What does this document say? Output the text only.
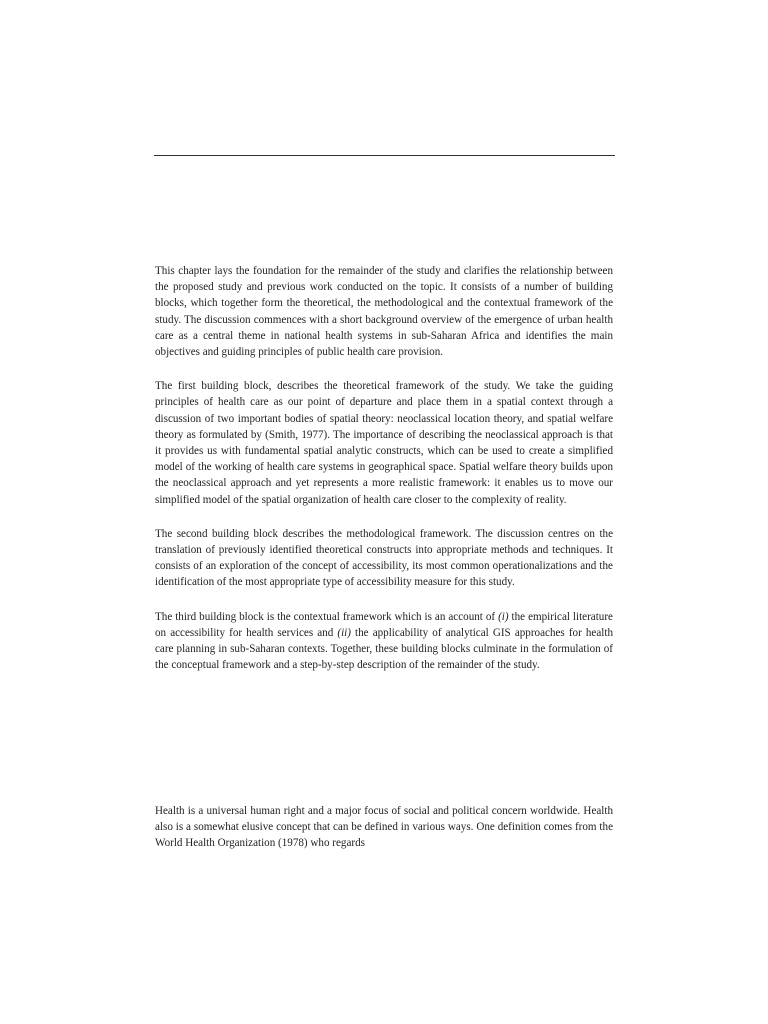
This chapter lays the foundation for the remainder of the study and clarifies the relationship between the proposed study and previous work conducted on the topic. It consists of a number of building blocks, which together form the theoretical, the methodological and the contextual framework of the study. The discussion commences with a short background overview of the emergence of urban health care as a central theme in national health systems in sub-Saharan Africa and identifies the main objectives and guiding principles of public health care provision.

The first building block, describes the theoretical framework of the study. We take the guiding principles of health care as our point of departure and place them in a spatial context through a discussion of two important bodies of spatial theory: neoclassical location theory, and spatial welfare theory as formulated by (Smith, 1977). The importance of describing the neoclassical approach is that it provides us with fundamental spatial analytic constructs, which can be used to create a simplified model of the working of health care systems in geographical space. Spatial welfare theory builds upon the neoclassical approach and yet represents a more realistic framework: it enables us to move our simplified model of the spatial organization of health care closer to the complexity of reality.

The second building block describes the methodological framework. The discussion centres on the translation of previously identified theoretical constructs into appropriate methods and techniques. It consists of an exploration of the concept of accessibility, its most common operationalizations and the identification of the most appropriate type of accessibility measure for this study.

The third building block is the contextual framework which is an account of (i) the empirical literature on accessibility for health services and (ii) the applicability of analytical GIS approaches for health care planning in sub-Saharan contexts. Together, these building blocks culminate in the formulation of the conceptual framework and a step-by-step description of the remainder of the study.

Health is a universal human right and a major focus of social and political concern worldwide. Health also is a somewhat elusive concept that can be defined in various ways. One definition comes from the World Health Organization (1978) who regards
